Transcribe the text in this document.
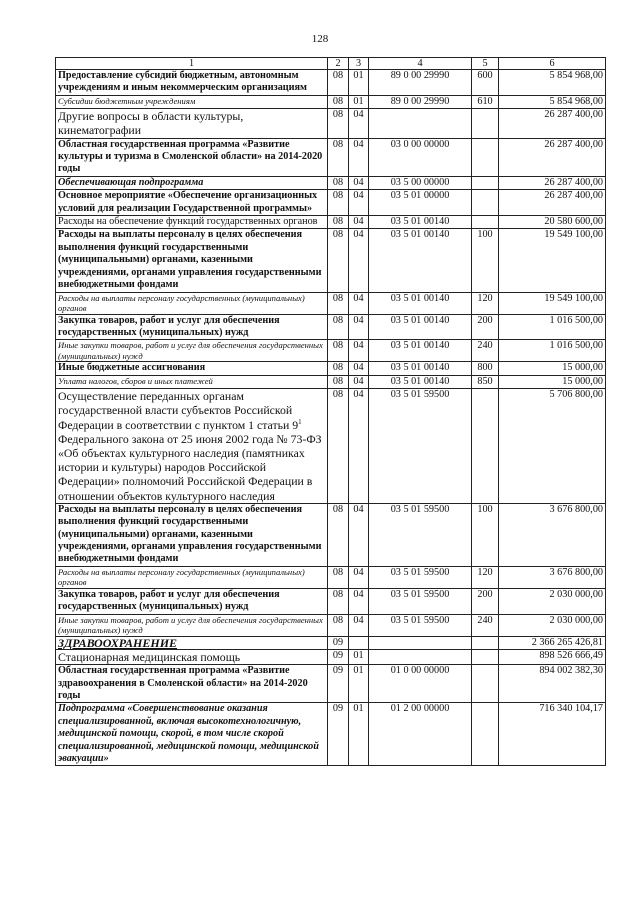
128
1	2	3	4	5	6
Предоставление субсидий бюджетным, автономным учреждениям и иным некоммерческим организациям	08	01	89 0 00 29990	600	5 854 968,00
Субсидии бюджетным учреждениям	08	01	89 0 00 29990	610	5 854 968,00
Другие вопросы в области культуры, кинематографии	08	04			26 287 400,00
Областная государственная программа «Развитие культуры и туризма в Смоленской области» на 2014-2020 годы	08	04	03 0 00 00000		26 287 400,00
Обеспечивающая подпрограмма	08	04	03 5 00 00000		26 287 400,00
Основное мероприятие «Обеспечение организационных условий для реализации Государственной программы»	08	04	03 5 01 00000		26 287 400,00
Расходы на обеспечение функций государственных органов	08	04	03 5 01 00140		20 580 600,00
Расходы на выплаты персоналу в целях обеспечения выполнения функций государственными (муниципальными) органами, казенными учреждениями, органами управления государственными внебюджетными фондами	08	04	03 5 01 00140	100	19 549 100,00
Расходы на выплаты персоналу государственных (муниципальных) органов	08	04	03 5 01 00140	120	19 549 100,00
Закупка товаров, работ и услуг для обеспечения государственных (муниципальных) нужд	08	04	03 5 01 00140	200	1 016 500,00
Иные закупки товаров, работ и услуг для обеспечения государственных (муниципальных) нужд	08	04	03 5 01 00140	240	1 016 500,00
Иные бюджетные ассигнования	08	04	03 5 01 00140	800	15 000,00
Уплата налогов, сборов и иных платежей	08	04	03 5 01 00140	850	15 000,00
Осуществление переданных органам государственной власти субъектов Российской Федерации в соответствии с пунктом 1 статьи $9^1$ Федерального закона от 25 июня 2002 года № 73-ФЗ «Об объектах культурного наследия (памятниках истории и культуры) народов Российской Федерации» полномочий Российской Федерации в отношении объектов культурного наследия	08	04	03 5 01 59500		5 706 800,00
Расходы на выплаты персоналу в целях обеспечения выполнения функций государственными (муниципальными) органами, казенными учреждениями, органами управления государственными внебюджетными фондами	08	04	03 5 01 59500	100	3 676 800,00
Расходы на выплаты персоналу государственных (муниципальных) органов	08	04	03 5 01 59500	120	3 676 800,00
Закупка товаров, работ и услуг для обеспечения государственных (муниципальных) нужд	08	04	03 5 01 59500	200	2 030 000,00
Иные закупки товаров, работ и услуг для обеспечения государственных (муниципальных) нужд	08	04	03 5 01 59500	240	2 030 000,00
ЗДРАВООХРАНЕНИЕ	09				2 366 265 426,81
Стационарная медицинская помощь	09	01			898 526 666,49
Областная государственная программа «Развитие здравоохранения в Смоленской области» на 2014-2020 годы	09	01	01 0 00 00000		894 002 382,30
Подпрограмма «Совершенствование оказания специализированной, включая высокотехнологичную, медицинской помощи, скорой, в том числе скорой специализированной, медицинской помощи, медицинской эвакуации»	09	01	01 2 00 00000		716 340 104,17
